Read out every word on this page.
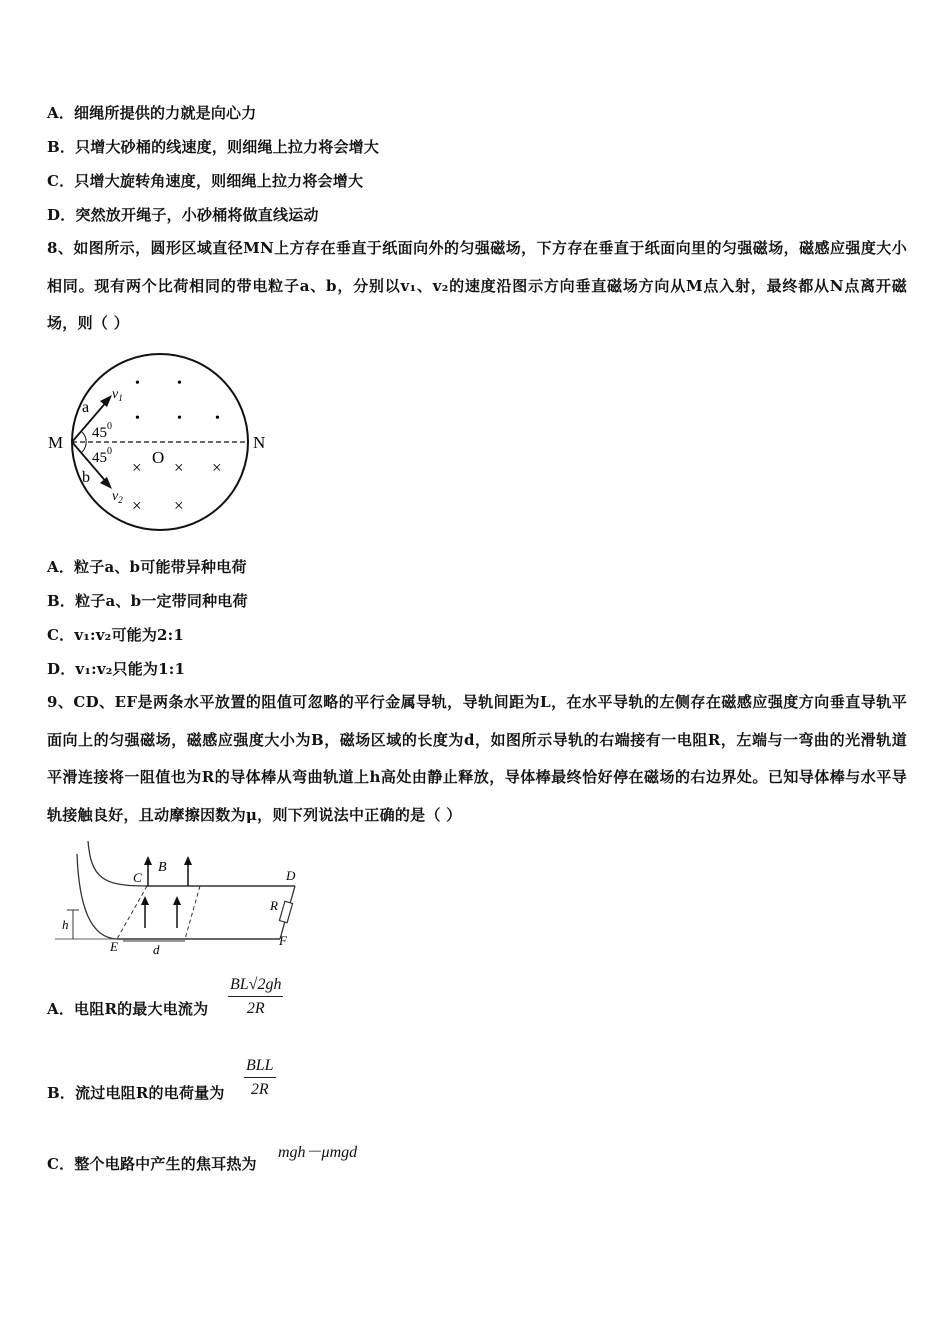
A．细绳所提供的力就是向心力
B．只增大砂桶的线速度，则细绳上拉力将会增大
C．只增大旋转角速度，则细绳上拉力将会增大
D．突然放开绳子，小砂桶将做直线运动
8、如图所示，圆形区域直径MN上方存在垂直于纸面向外的匀强磁场，下方存在垂直于纸面向里的匀强磁场，磁感应强度大小相同。现有两个比荷相同的带电粒子a、b，分别以v₁、v₂的速度沿图示方向垂直磁场方向从M点入射，最终都从N点离开磁场，则（ ）
M	N
O
a
b
$v_1$
$v_2$
$45^0$
$45^0$
•	•
•	• •
× × ×
× ×
A．粒子a、b可能带异种电荷
B．粒子a、b一定带同种电荷
C．v₁:v₂可能为2:1
D．v₁:v₂只能为1:1
9、CD、EF是两条水平放置的阻值可忽略的平行金属导轨，导轨间距为L，在水平导轨的左侧存在磁感应强度方向垂直导轨平面向上的匀强磁场，磁感应强度大小为B，磁场区域的长度为d，如图所示导轨的右端接有一电阻R，左端与一弯曲的光滑轨道平滑连接将一阻值也为R的导体棒从弯曲轨道上h高处由静止释放，导体棒最终恰好停在磁场的右边界处。已知导体棒与水平导轨接触良好，且动摩擦因数为μ，则下列说法中正确的是（ ）
B
C	D
R
E	F
h
d
A．电阻R的最大电流为 $\frac{BL√2gh}{2R}$
B．流过电阻R的电荷量为
BLL
2R
C．整个电路中产生的焦耳热为
mgh－μmgd
